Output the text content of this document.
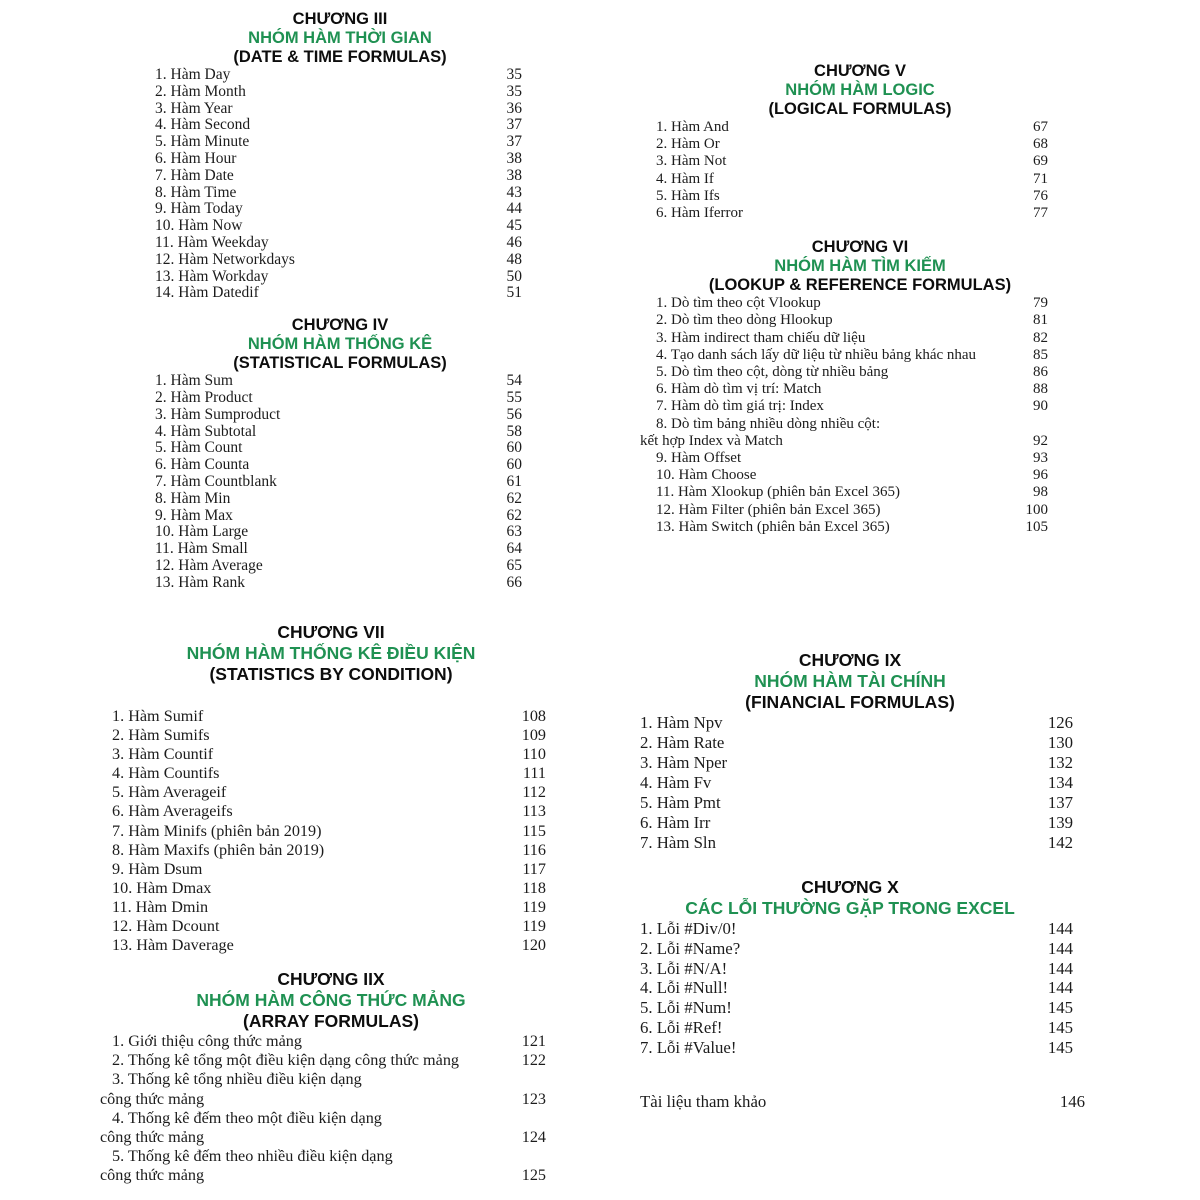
CHƯƠNG III
NHÓM HÀM THỜI GIAN
(DATE & TIME FORMULAS)
1. Hàm Day	35
2. Hàm Month	35
3. Hàm Year	36
4. Hàm Second	37
5. Hàm Minute	37
6. Hàm Hour	38
7. Hàm Date	38
8. Hàm Time	43
9. Hàm Today	44
10. Hàm Now	45
11. Hàm Weekday	46
12. Hàm Networkdays	48
13. Hàm Workday	50
14. Hàm Datedif	51
CHƯƠNG IV
NHÓM HÀM THỐNG KÊ
(STATISTICAL FORMULAS)
1. Hàm Sum	54
2. Hàm Product	55
3. Hàm Sumproduct	56
4. Hàm Subtotal	58
5. Hàm Count	60
6. Hàm Counta	60
7. Hàm Countblank	61
8. Hàm Min	62
9. Hàm Max	62
10. Hàm Large	63
11. Hàm Small	64
12. Hàm Average	65
13. Hàm Rank	66
CHƯƠNG V
NHÓM HÀM LOGIC
(LOGICAL FORMULAS)
1. Hàm And	67
2. Hàm Or	68
3. Hàm Not	69
4. Hàm If	71
5. Hàm Ifs	76
6. Hàm Iferror	77
CHƯƠNG VI
NHÓM HÀM TÌM KIẾM
(LOOKUP & REFERENCE FORMULAS)
1. Dò tìm theo cột Vlookup	79
2. Dò tìm theo dòng Hlookup	81
3. Hàm indirect tham chiếu dữ liệu	82
4. Tạo danh sách lấy dữ liệu từ nhiều bảng khác nhau	85
5. Dò tìm theo cột, dòng từ nhiều bảng	86
6. Hàm dò tìm vị trí: Match	88
7. Hàm dò tìm giá trị: Index	90
8. Dò tìm bảng nhiều dòng nhiều cột:
kết hợp Index và Match	92
9. Hàm Offset	93
10. Hàm Choose	96
11. Hàm Xlookup (phiên bản Excel 365)	98
12. Hàm Filter (phiên bản Excel 365)	100
13. Hàm Switch (phiên bản Excel 365)	105
CHƯƠNG VII
NHÓM HÀM THỐNG KÊ ĐIỀU KIỆN
(STATISTICS BY CONDITION)
1. Hàm Sumif	108
2. Hàm Sumifs	109
3. Hàm Countif	110
4. Hàm Countifs	111
5. Hàm Averageif	112
6. Hàm Averageifs	113
7. Hàm Minifs (phiên bản 2019)	115
8. Hàm Maxifs (phiên bản 2019)	116
9. Hàm Dsum	117
10. Hàm Dmax	118
11. Hàm Dmin	119
12. Hàm Dcount	119
13. Hàm Daverage	120
CHƯƠNG IIX
NHÓM HÀM CÔNG THỨC MẢNG
(ARRAY FORMULAS)
1. Giới thiệu công thức mảng	121
2. Thống kê tổng một điều kiện dạng công thức mảng	122
3. Thống kê tổng nhiều điều kiện dạng
công thức mảng	123
4. Thống kê đếm theo một điều kiện dạng
công thức mảng	124
5. Thống kê đếm theo nhiều điều kiện dạng
công thức mảng	125
CHƯƠNG IX
NHÓM HÀM TÀI CHÍNH
(FINANCIAL FORMULAS)
1. Hàm Npv	126
2. Hàm Rate	130
3. Hàm Nper	132
4. Hàm Fv	134
5. Hàm Pmt	137
6. Hàm Irr	139
7. Hàm Sln	142
CHƯƠNG X
CÁC LỖI THƯỜNG GẶP TRONG EXCEL
1. Lỗi #Div/0!	144
2. Lỗi #Name?	144
3. Lỗi #N/A!	144
4. Lỗi #Null!	144
5. Lỗi #Num!	145
6. Lỗi #Ref!	145
7. Lỗi #Value!	145
Tài liệu tham khảo	146
